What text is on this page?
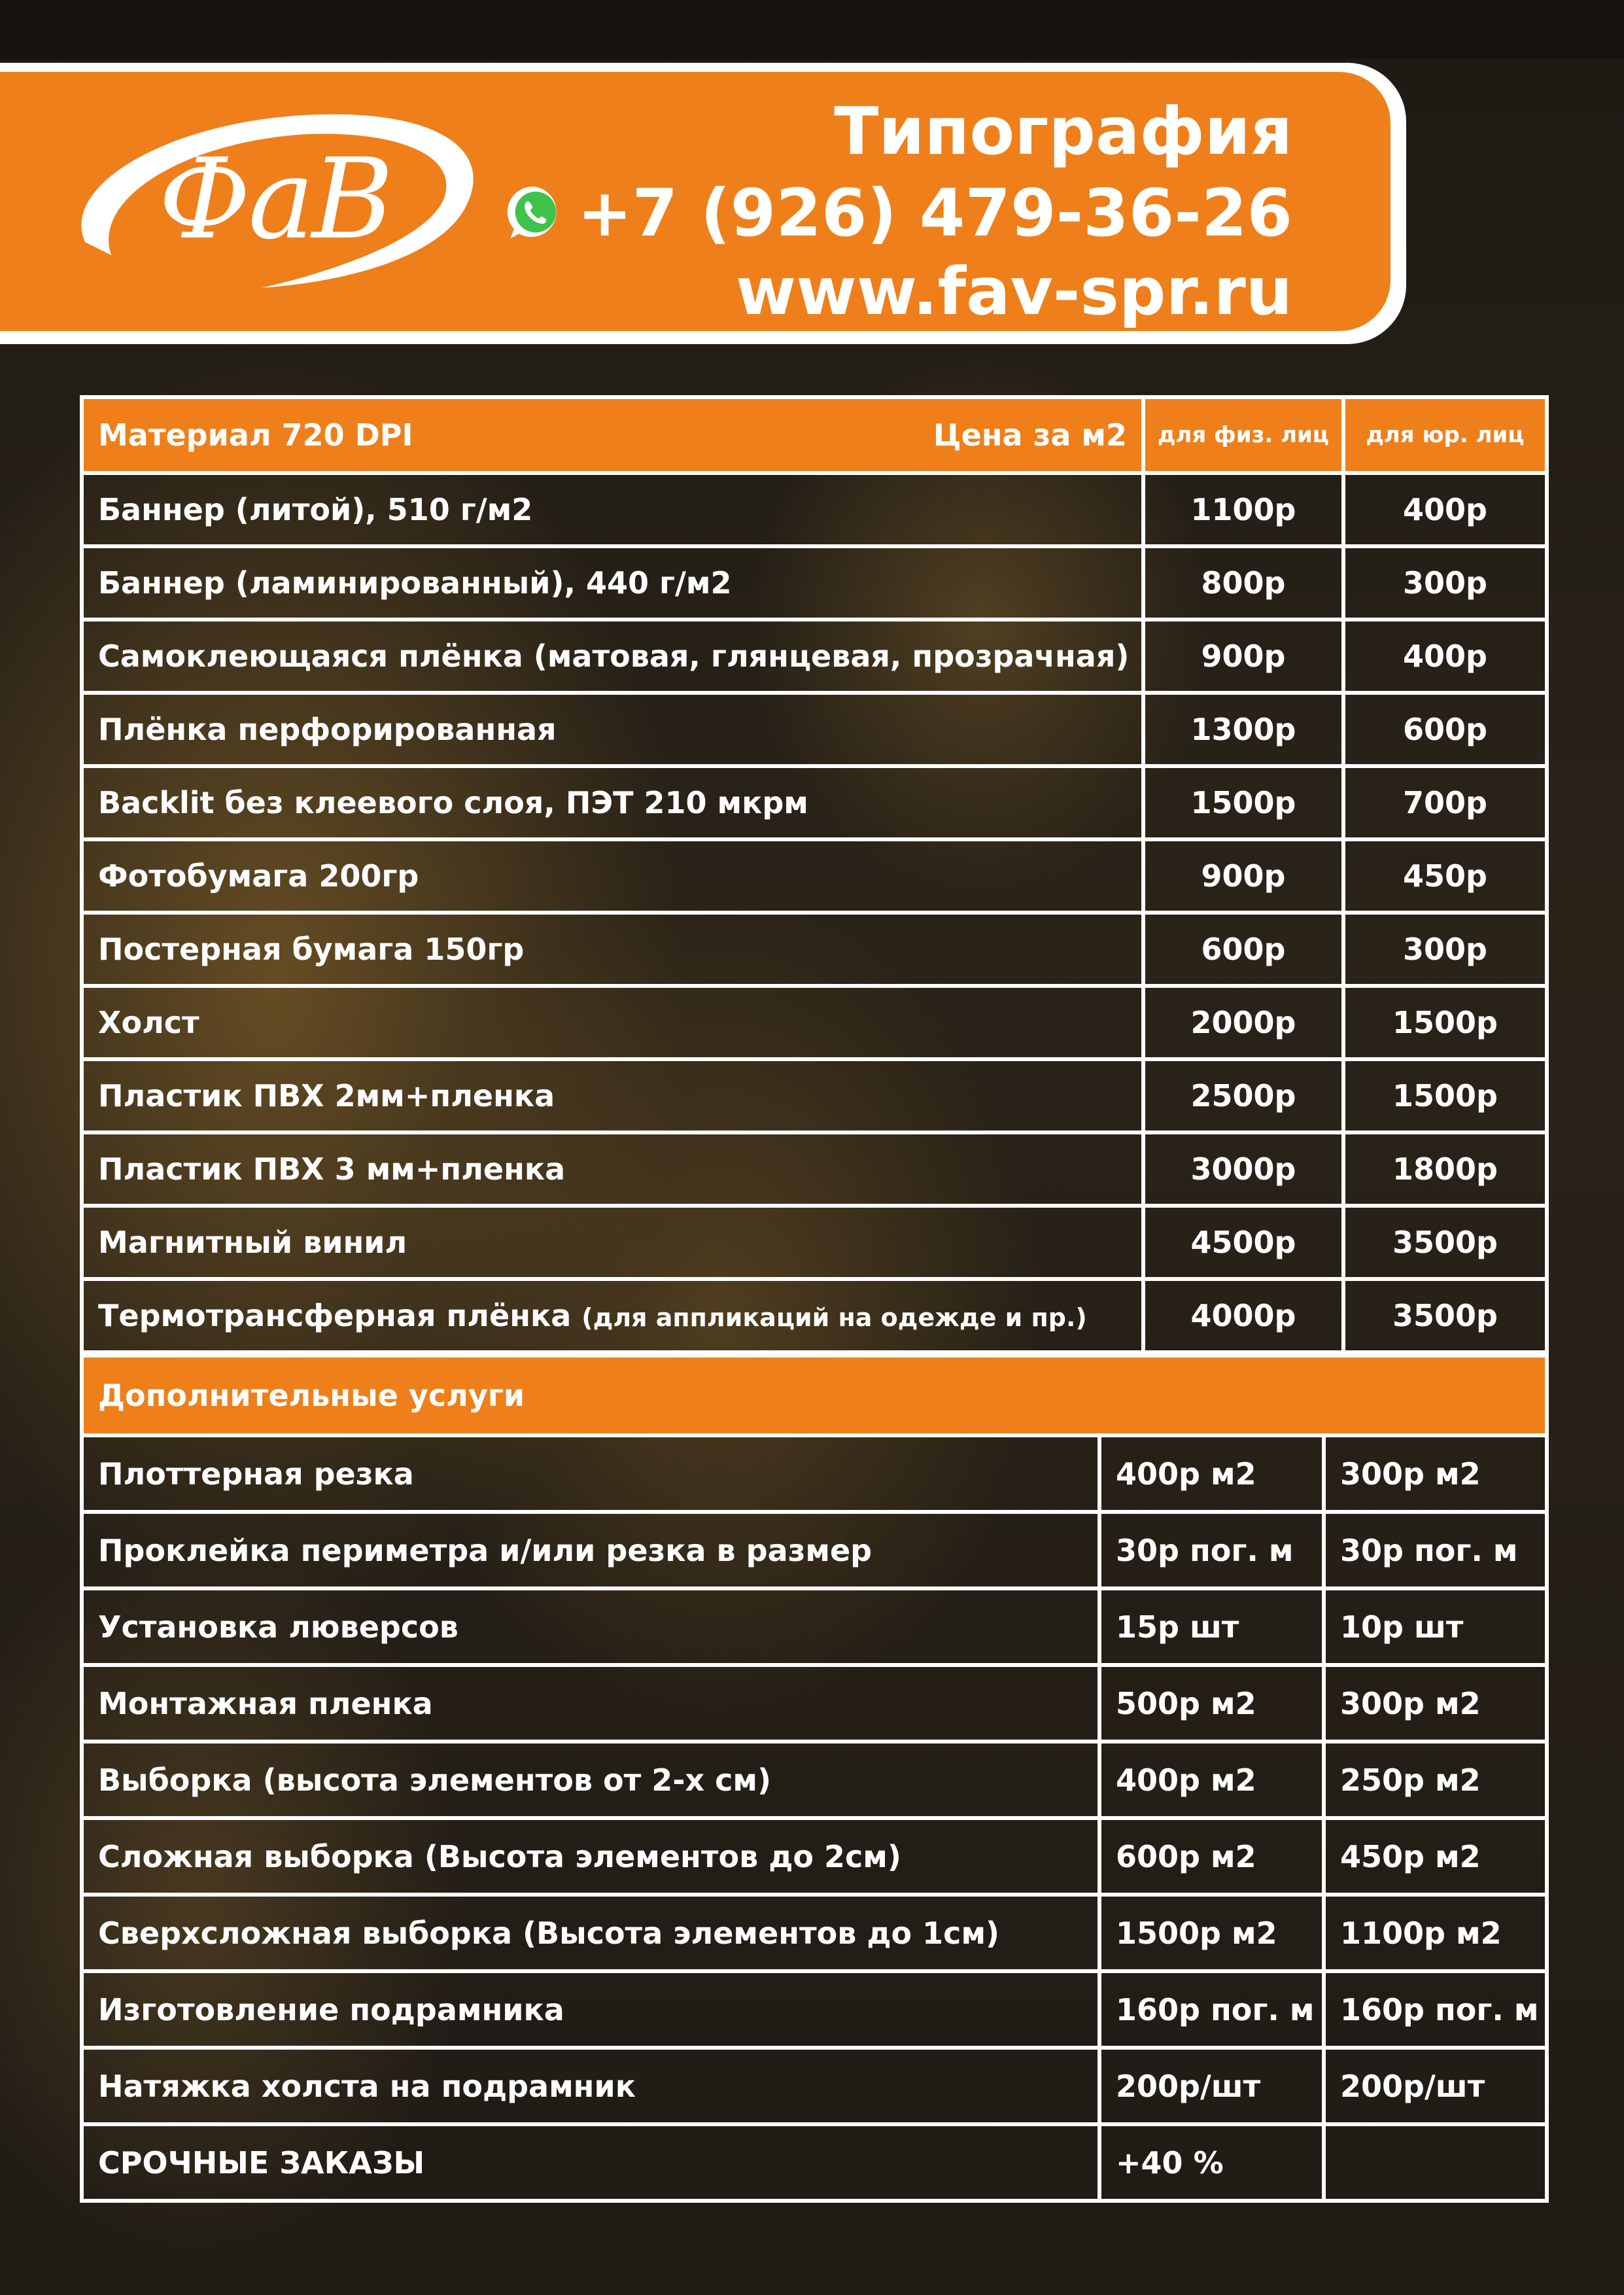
ФаВ
Типография
+7 (926) 479-36-26
www.fav-spr.ru
Материал 720 DPI Цена за м2	для физ. лиц	для юр. лиц
Баннер (литой), 510 г/м2	1100р	400р
Баннер (ламинированный), 440 г/м2	800р	300р
Самоклеющаяся плёнка (матовая, глянцевая, прозрачная)	900р	400р
Плёнка перфорированная	1300р	600р
Backlit без клеевого слоя, ПЭТ 210 мкрм	1500р	700р
Фотобумага 200гр	900р	450р
Постерная бумага 150гр	600р	300р
Холст	2000р	1500р
Пластик ПВХ 2мм+пленка	2500р	1500р
Пластик ПВХ 3 мм+пленка	3000р	1800р
Магнитный винил	4500р	3500р
Термотрансферная плёнка (для аппликаций на одежде и пр.)	4000р	3500р
Дополнительные услуги		
Плоттерная резка	400р м2	300р м2
Проклейка периметра и/или резка в размер	30р пог. м	30р пог. м
Установка люверсов	15р шт	10р шт
Монтажная пленка	500р м2	300р м2
Выборка (высота элементов от 2-х см)	400р м2	250р м2
Сложная выборка (Высота элементов до 2см)	600р м2	450р м2
Сверхсложная выборка (Высота элементов до 1см)	1500р м2	1100р м2
Изготовление подрамника	160р пог. м	160р пог. м
Натяжка холста на подрамник	200р/шт	200р/шт
СРОЧНЫЕ ЗАКАЗЫ	+40 %	
